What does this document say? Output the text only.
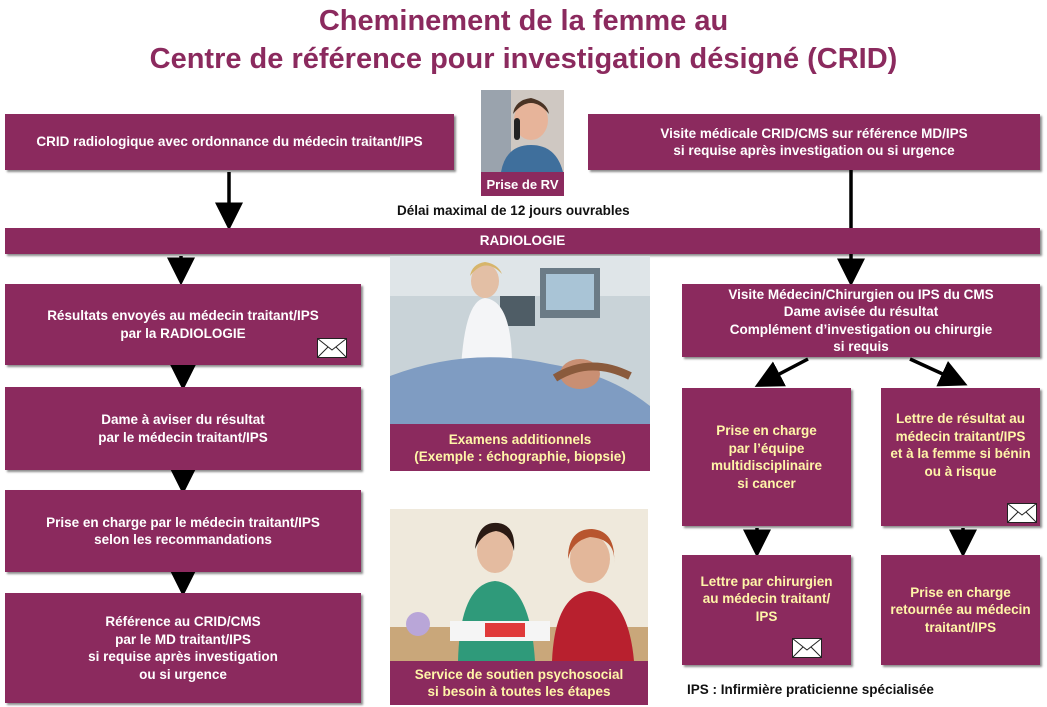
Cheminement de la femme au
Centre de référence pour investigation désigné (CRID)
CRID radiologique avec ordonnance du médecin traitant/IPS
Prise de RV
Visite médicale CRID/CMS sur référence MD/IPS
si requise après investigation ou si urgence
Délai maximal de 12 jours ouvrables
RADIOLOGIE
Résultats envoyés au médecin traitant/IPS
par la RADIOLOGIE
Dame à aviser du résultat
par le médecin traitant/IPS
Prise en charge par le médecin traitant/IPS
selon les recommandations
Référence au CRID/CMS
par le MD traitant/IPS
si requise après investigation
ou si urgence
Examens additionnels
(Exemple : échographie, biopsie)
Service de soutien psychosocial
si besoin à toutes les étapes
Visite Médecin/Chirurgien ou IPS du CMS
Dame avisée du résultat
Complément d’investigation ou chirurgie
si requis
Prise en charge
par l’équipe
multidisciplinaire
si cancer
Lettre de résultat au
médecin traitant/IPS
et à la femme si bénin
ou à risque
Lettre par chirurgien
au médecin traitant/
IPS
Prise en charge
retournée au médecin
traitant/IPS
IPS : Infirmière praticienne spécialisée
